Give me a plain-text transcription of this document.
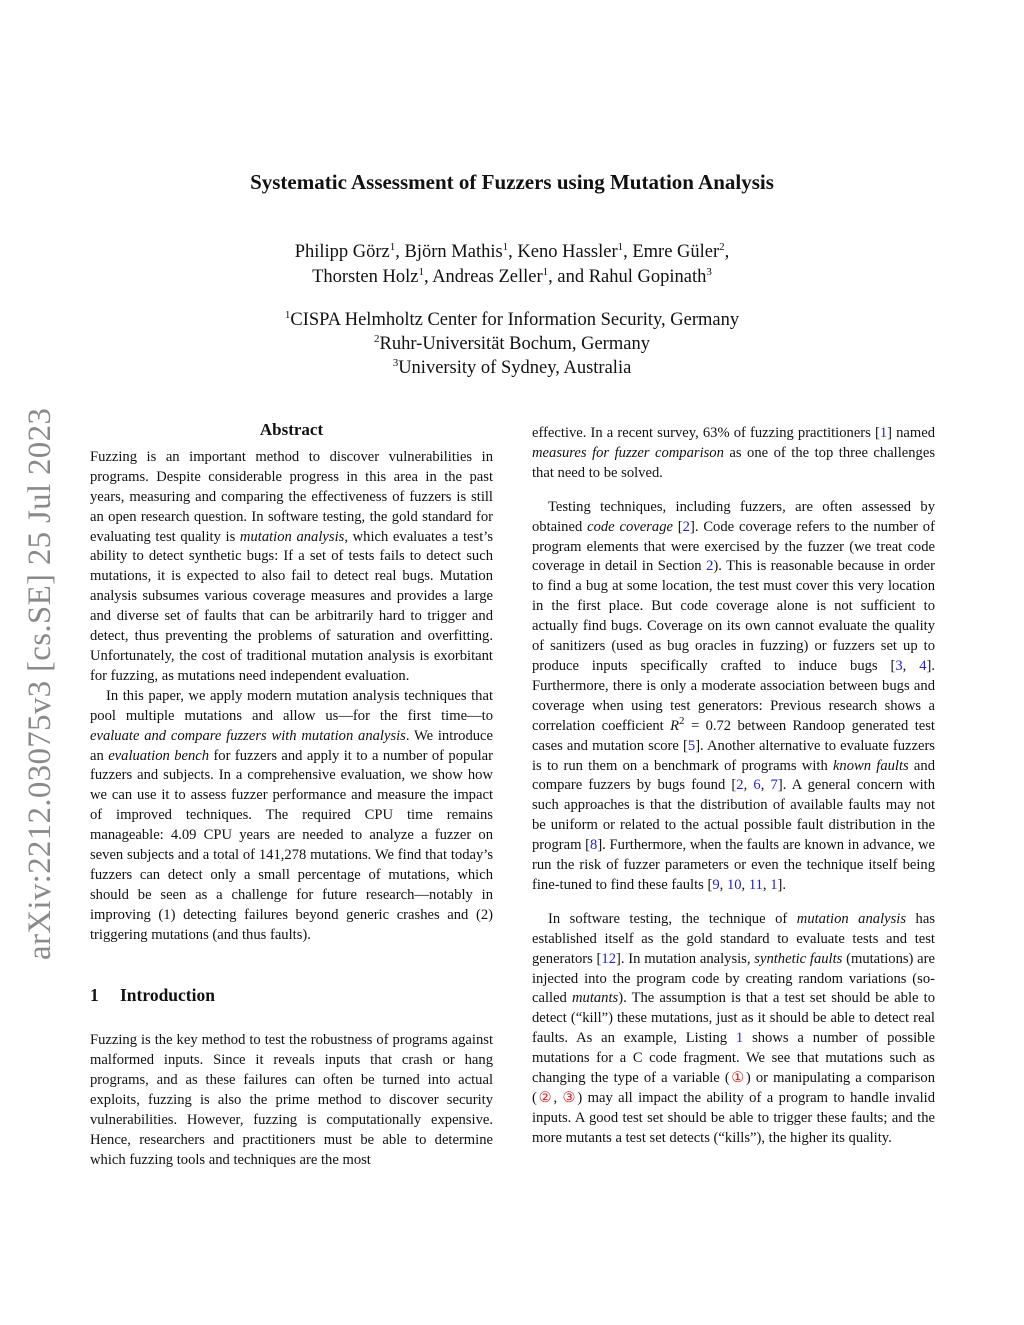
arXiv:2212.03075v3 [cs.SE] 25 Jul 2023
Systematic Assessment of Fuzzers using Mutation Analysis
Philipp Görz$^1$, Björn Mathis$^1$, Keno Hassler$^1$, Emre Güler$^2$,
Thorsten Holz$^1$, Andreas Zeller$^1$, and Rahul Gopinath$^3$
$^1$CISPA Helmholtz Center for Information Security, Germany
$^2$Ruhr-Universität Bochum, Germany
$^3$University of Sydney, Australia
Abstract

Fuzzing is an important method to discover vulnerabilities in programs. Despite considerable progress in this area in the past years, measuring and comparing the effectiveness of fuzzers is still an open research question. In software testing, the gold standard for evaluating test quality is mutation analysis, which evaluates a test’s ability to detect synthetic bugs: If a set of tests fails to detect such mutations, it is expected to also fail to detect real bugs. Mutation analysis subsumes various coverage measures and provides a large and diverse set of faults that can be arbitrarily hard to trigger and detect, thus preventing the problems of saturation and overfitting. Unfortunately, the cost of traditional mutation analysis is exorbitant for fuzzing, as mutations need independent evaluation.

In this paper, we apply modern mutation analysis techniques that pool multiple mutations and allow us—for the first time—to evaluate and compare fuzzers with mutation analysis. We introduce an evaluation bench for fuzzers and apply it to a number of popular fuzzers and subjects. In a comprehensive evaluation, we show how we can use it to assess fuzzer performance and measure the impact of improved techniques. The required CPU time remains manageable: 4.09 CPU years are needed to analyze a fuzzer on seven subjects and a total of 141,278 mutations. We find that today’s fuzzers can detect only a small percentage of mutations, which should be seen as a challenge for future research—notably in improving (1) detecting failures beyond generic crashes and (2) triggering mutations (and thus faults).

1 Introduction

Fuzzing is the key method to test the robustness of programs against malformed inputs. Since it reveals inputs that crash or hang programs, and as these failures can often be turned into actual exploits, fuzzing is also the prime method to discover security vulnerabilities. However, fuzzing is computationally expensive. Hence, researchers and practitioners must be able to determine which fuzzing tools and techniques are the most

effective. In a recent survey, 63% of fuzzing practitioners [1] named measures for fuzzer comparison as one of the top three challenges that need to be solved.

Testing techniques, including fuzzers, are often assessed by obtained code coverage [2]. Code coverage refers to the number of program elements that were exercised by the fuzzer (we treat code coverage in detail in Section 2). This is reasonable because in order to find a bug at some location, the test must cover this very location in the first place. But code coverage alone is not sufficient to actually find bugs. Coverage on its own cannot evaluate the quality of sanitizers (used as bug oracles in fuzzing) or fuzzers set up to produce inputs specifically crafted to induce bugs [3, 4]. Furthermore, there is only a moderate association between bugs and coverage when using test generators: Previous research shows a correlation coefficient $R^2 = 0.72$ between Randoop generated test cases and mutation score [5]. Another alternative to evaluate fuzzers is to run them on a benchmark of programs with known faults and compare fuzzers by bugs found [2, 6, 7]. A general concern with such approaches is that the distribution of available faults may not be uniform or related to the actual possible fault distribution in the program [8]. Furthermore, when the faults are known in advance, we run the risk of fuzzer parameters or even the technique itself being fine-tuned to find these faults [9, 10, 11, 1].

In software testing, the technique of mutation analysis has established itself as the gold standard to evaluate tests and test generators [12]. In mutation analysis, synthetic faults (mutations) are injected into the program code by creating random variations (so-called mutants). The assumption is that a test set should be able to detect (“kill”) these mutations, just as it should be able to detect real faults. As an example, Listing 1 shows a number of possible mutations for a C code fragment. We see that mutations such as changing the type of a variable (①) or manipulating a comparison (②, ③) may all impact the ability of a program to handle invalid inputs. A good test set should be able to trigger these faults; and the more mutants a test set detects (“kills”), the higher its quality.
